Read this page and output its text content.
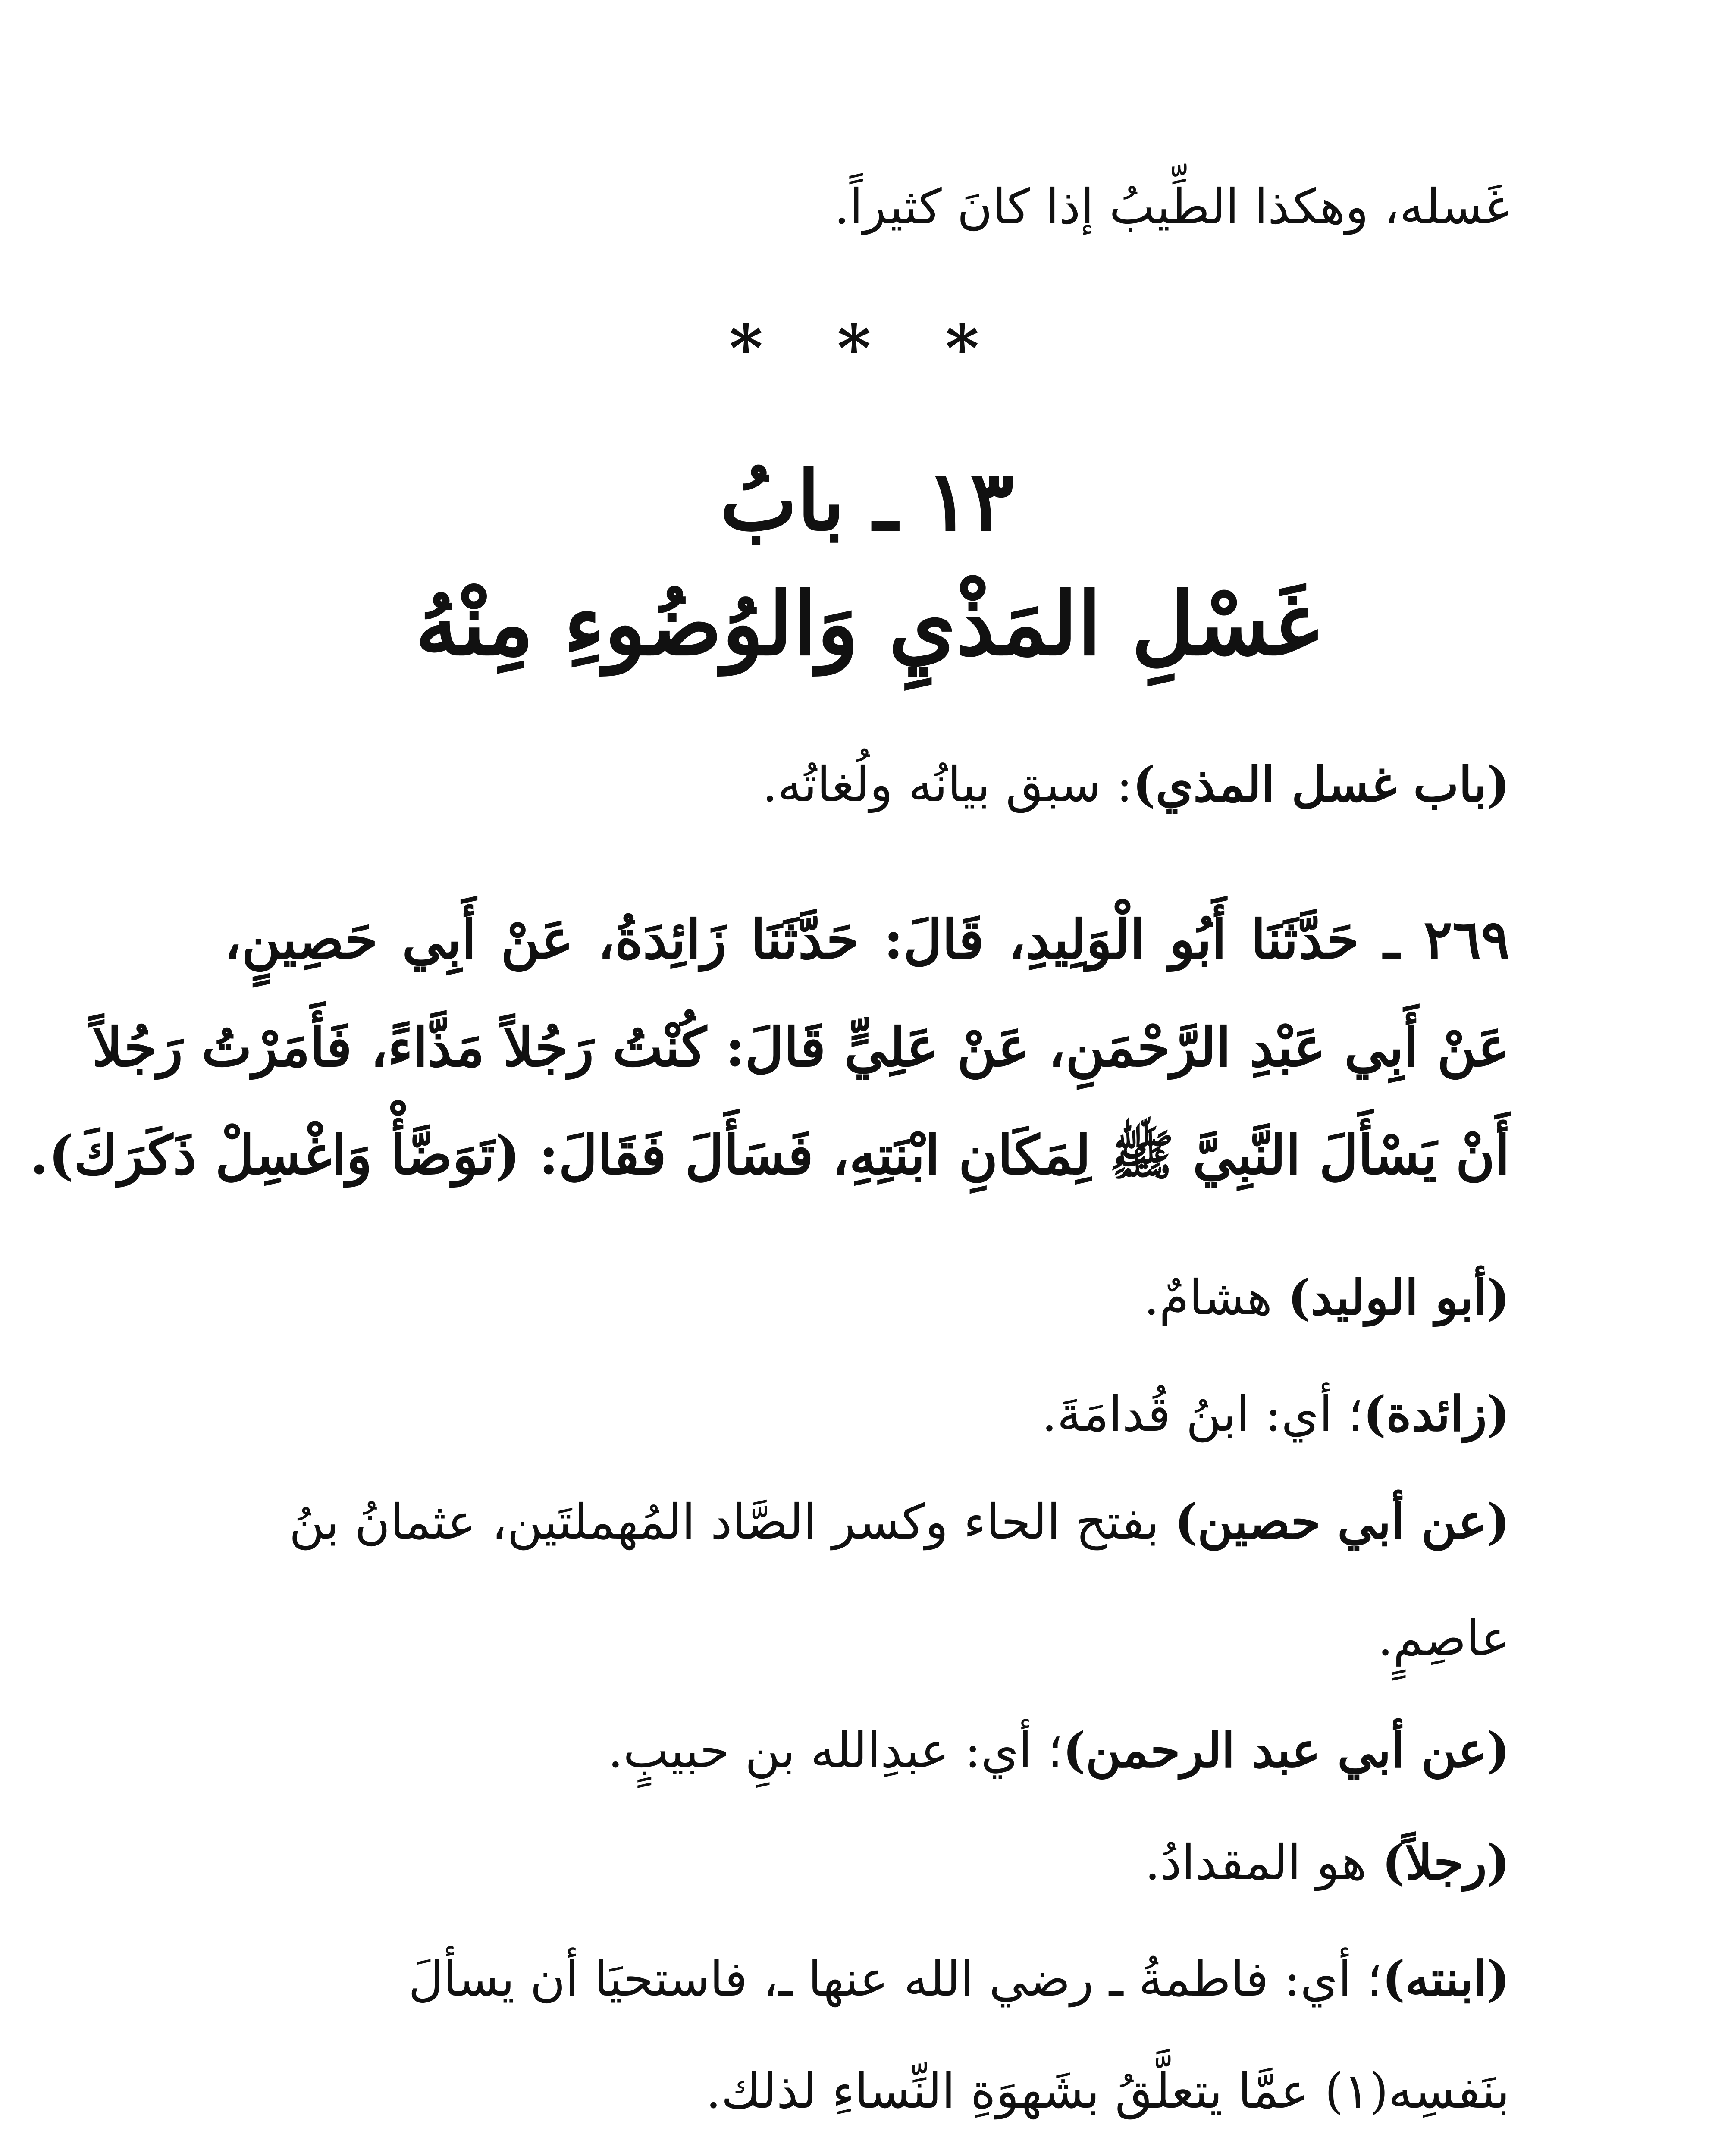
غَسله، وهكذا الطِّيبُ إذا كانَ كثيراً.
* * *
١٣ ـ بابُ
غَسْلِ المَذْيِ وَالوُضُوءِ مِنْهُ
(باب غسل المذي): سبق بيانُه ولُغاتُه.
٢٦٩ ـ حَدَّثَنَا أَبُو الْوَلِيدِ، قَالَ: حَدَّثَنَا زَائِدَةُ، عَنْ أَبِي حَصِينٍ،
عَنْ أَبِي عَبْدِ الرَّحْمَنِ، عَنْ عَلِيٍّ قَالَ: كُنْتُ رَجُلاً مَذَّاءً، فَأَمَرْتُ رَجُلاً
أَنْ يَسْأَلَ النَّبِيَّ ﷺ لِمَكَانِ ابْنَتِهِ، فَسَأَلَ فَقَالَ: (تَوَضَّأْ وَاغْسِلْ ذَكَرَكَ).
(أبو الوليد) هشامٌ.
(زائدة)؛ أي: ابنُ قُدامَةَ.
(عن أبي حصين) بفتح الحاء وكسر الصَّاد المُهملتَين، عثمانُ بنُ
عاصِمٍ.
(عن أبي عبد الرحمن)؛ أي: عبدِالله بنِ حبيبٍ.
(رجلاً) هو المقدادُ.
(ابنته)؛ أي: فاطمةُ ـ رضي الله عنها ـ، فاستحيَا أن يسألَ
بنَفسِه(١) عمَّا يتعلَّقُ بشَهوَةِ النِّساءِ لذلك.
